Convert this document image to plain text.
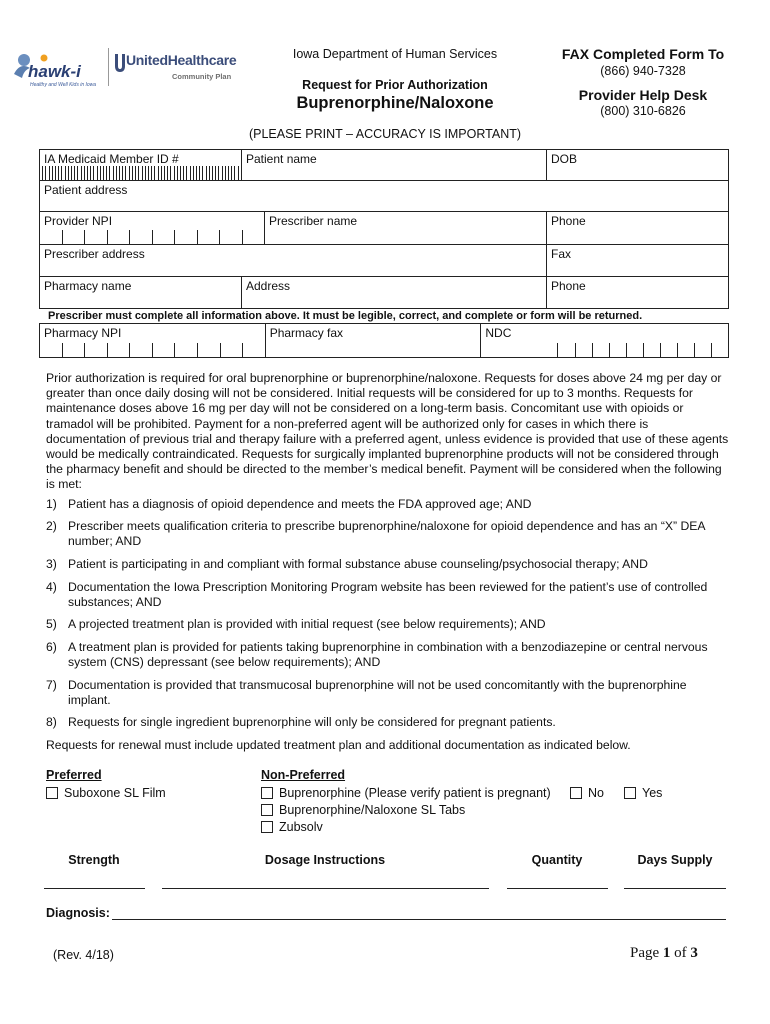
hawk-i
Healthy and Well Kids in Iowa
UnitedHealthcare
Community Plan
Iowa Department of Human Services
Request for Prior Authorization
Buprenorphine/Naloxone
FAX Completed Form To
(866) 940-7328
Provider Help Desk
(800) 310-6826
(PLEASE PRINT – ACCURACY IS IMPORTANT)
IA Medicaid Member ID #	Patient name		DOB
Patient address			
Provider NPI		Prescriber name	Phone
Prescriber address			Fax
Pharmacy name	Address		Phone
Prescriber must complete all information above. It must be legible, correct, and complete or form will be returned.
Pharmacy NPI	Pharmacy fax	NDC
Prior authorization is required for oral buprenorphine or buprenorphine/naloxone. Requests for doses above 24 mg per day or greater than once daily dosing will not be considered. Initial requests will be considered for up to 3 months. Requests for maintenance doses above 16 mg per day will not be considered on a long-term basis. Concomitant use with opioids or tramadol will be prohibited. Payment for a non-preferred agent will be authorized only for cases in which there is documentation of previous trial and therapy failure with a preferred agent, unless evidence is provided that use of these agents would be medically contraindicated. Requests for surgically implanted buprenorphine products will not be considered through the pharmacy benefit and should be directed to the member’s medical benefit. Payment will be considered when the following is met:
1) Patient has a diagnosis of opioid dependence and meets the FDA approved age; AND
2) Prescriber meets qualification criteria to prescribe buprenorphine/naloxone for opioid dependence and has an “X” DEA number; AND
3) Patient is participating in and compliant with formal substance abuse counseling/psychosocial therapy; AND
4) Documentation the Iowa Prescription Monitoring Program website has been reviewed for the patient’s use of controlled substances; AND
5) A projected treatment plan is provided with initial request (see below requirements); AND
6) A treatment plan is provided for patients taking buprenorphine in combination with a benzodiazepine or central nervous system (CNS) depressant (see below requirements); AND
7) Documentation is provided that transmucosal buprenorphine will not be used concomitantly with the buprenorphine implant.
8) Requests for single ingredient buprenorphine will only be considered for pregnant patients.
Requests for renewal must include updated treatment plan and additional documentation as indicated below.
Preferred
Suboxone SL Film
Non-Preferred
Buprenorphine (Please verify patient is pregnant)	No	Yes
Buprenorphine/Naloxone SL Tabs
Zubsolv
Strength	Dosage Instructions	Quantity	Days Supply
Diagnosis:
(Rev. 4/18)	Page 1 of 3
